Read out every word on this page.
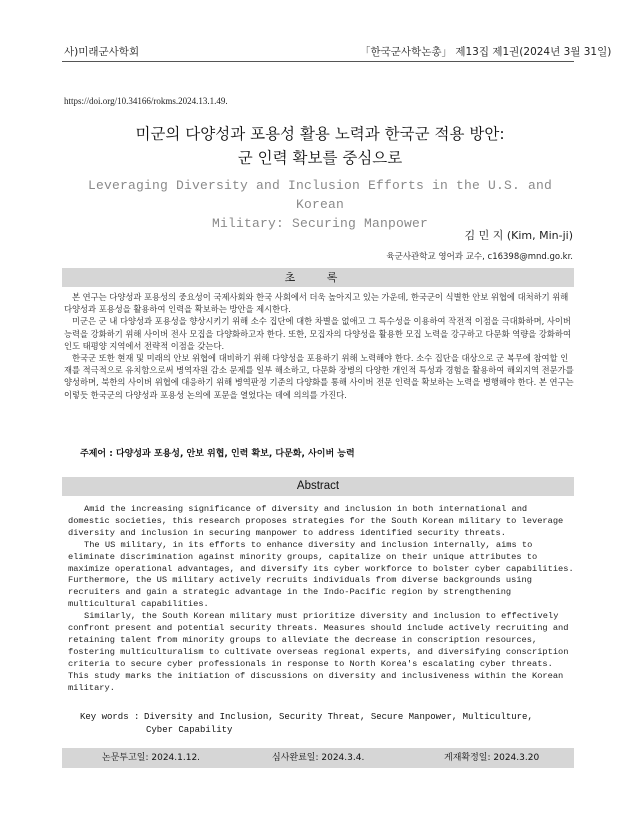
사)미래군사학회	「한국군사학논총」 제13집 제1권(2024년 3월 31일)
https://doi.org/10.34166/rokms.2024.13.1.49.
미군의 다양성과 포용성 활용 노력과 한국군 적용 방안:
군 인력 확보를 중심으로
Leveraging Diversity and Inclusion Efforts in the U.S. and Korean
Military: Securing Manpower
김 민 지 (Kim, Min-ji)
육군사관학교 영어과 교수, c16398@mnd.go.kr.
초 록

본 연구는 다양성과 포용성의 중요성이 국제사회와 한국 사회에서 더욱 높아지고 있는 가운데, 한국군이 식별한 안보 위협에 대처하기 위해 다양성과 포용성을 활용하여 인력을 확보하는 방안을 제시한다.

미군은 군 내 다양성과 포용성을 향상시키기 위해 소수 집단에 대한 차별을 없애고 그 특수성을 이용하여 작전적 이점을 극대화하며, 사이버 능력을 강화하기 위해 사이버 전사 모집을 다양화하고자 한다. 또한, 모집자의 다양성을 활용한 모집 노력을 강구하고 다문화 역량을 강화하여 인도 태평양 지역에서 전략적 이점을 갖는다.

한국군 또한 현재 및 미래의 안보 위협에 대비하기 위해 다양성을 포용하기 위해 노력해야 한다. 소수 집단을 대상으로 군 복무에 참여할 인재를 적극적으로 유치함으로써 병역자원 감소 문제를 일부 해소하고, 다문화 장병의 다양한 개인적 특성과 경험을 활용하여 해외지역 전문가를 양성하며, 북한의 사이버 위협에 대응하기 위해 병역판정 기준의 다양화를 통해 사이버 전문 인력을 확보하는 노력을 병행해야 한다. 본 연구는 이렇듯 한국군의 다양성과 포용성 논의에 포문을 열었다는 데에 의의를 가진다.

주제어 : 다양성과 포용성, 안보 위협, 인력 확보, 다문화, 사이버 능력
Abstract

Amid the increasing significance of diversity and inclusion in both international and domestic societies, this research proposes strategies for the South Korean military to leverage diversity and inclusion in securing manpower to address identified security threats.

The US military, in its efforts to enhance diversity and inclusion internally, aims to eliminate discrimination against minority groups, capitalize on their unique attributes to maximize operational advantages, and diversify its cyber workforce to bolster cyber capabilities. Furthermore, the US military actively recruits individuals from diverse backgrounds using recruiters and gain a strategic advantage in the Indo-Pacific region by strengthening multicultural capabilities.

Similarly, the South Korean military must prioritize diversity and inclusion to effectively confront present and potential security threats. Measures should include actively recruiting and retaining talent from minority groups to alleviate the decrease in conscription resources, fostering multiculturalism to cultivate overseas regional experts, and diversifying conscription criteria to secure cyber professionals in response to North Korea's escalating cyber threats. This study marks the initiation of discussions on diversity and inclusiveness within the Korean military.

Key words : Diversity and Inclusion, Security Threat, Secure Manpower, Multiculture,
Cyber Capability
논문투고일: 2024.1.12.	심사완료일: 2024.3.4.	게재확정일: 2024.3.20
